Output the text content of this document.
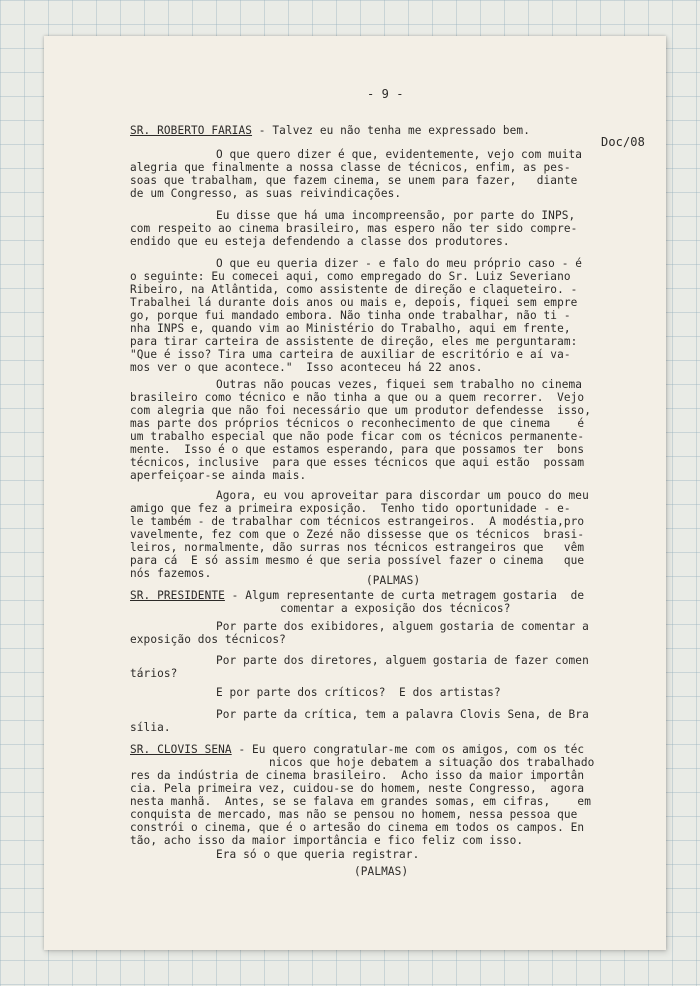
- 9 -
Doc/08
SR. ROBERTO FARIAS - Talvez eu não tenha me expressado bem.
O que quero dizer é que, evidentemente, vejo com muita
alegria que finalmente a nossa classe de técnicos, enfim, as pes-
soas que trabalham, que fazem cinema, se unem para fazer,   diante
de um Congresso, as suas reivindicações.
Eu disse que há uma incompreensão, por parte do INPS,
com respeito ao cinema brasileiro, mas espero não ter sido compre-
endido que eu esteja defendendo a classe dos produtores.
O que eu queria dizer - e falo do meu próprio caso - é
o seguinte: Eu comecei aqui, como empregado do Sr. Luiz Severiano
Ribeiro, na Atlântida, como assistente de direção e claqueteiro. -
Trabalhei lá durante dois anos ou mais e, depois, fiquei sem empre
go, porque fui mandado embora. Não tinha onde trabalhar, não ti -
nha INPS e, quando vim ao Ministério do Trabalho, aqui em frente,
para tirar carteira de assistente de direção, eles me perguntaram:
"Que é isso? Tira uma carteira de auxiliar de escritório e aí va-
mos ver o que acontece."  Isso aconteceu há 22 anos.
Outras não poucas vezes, fiquei sem trabalho no cinema
brasileiro como técnico e não tinha a que ou a quem recorrer.  Vejo
com alegria que não foi necessário que um produtor defendesse  isso,
mas parte dos próprios técnicos o reconhecimento de que cinema    é
um trabalho especial que não pode ficar com os técnicos permanente-
mente.  Isso é o que estamos esperando, para que possamos ter  bons
técnicos, inclusive  para que esses técnicos que aqui estão  possam
aperfeiçoar-se ainda mais.
Agora, eu vou aproveitar para discordar um pouco do meu
amigo que fez a primeira exposição.  Tenho tido oportunidade - e-
le também - de trabalhar com técnicos estrangeiros.  A modéstia,pro
vavelmente, fez com que o Zezé não dissesse que os técnicos  brasi-
leiros, normalmente, dão surras nos técnicos estrangeiros que   vêm
para cá  E só assim mesmo é que seria possível fazer o cinema   que
nós fazemos.
(PALMAS)
SR. PRESIDENTE - Algum representante de curta metragem gostaria  de
comentar a exposição dos técnicos?
Por parte dos exibidores, alguem gostaria de comentar a
exposição dos técnicos?
Por parte dos diretores, alguem gostaria de fazer comen
tários?
E por parte dos críticos?  E dos artistas?
Por parte da crítica, tem a palavra Clovis Sena, de Bra
sília.
SR. CLOVIS SENA - Eu quero congratular-me com os amigos, com os téc
nicos que hoje debatem a situação dos trabalhado
res da indústria de cinema brasileiro.  Acho isso da maior importân
cia. Pela primeira vez, cuidou-se do homem, neste Congresso,  agora
nesta manhã.  Antes, se se falava em grandes somas, em cifras,    em
conquista de mercado, mas não se pensou no homem, nessa pessoa que
constrói o cinema, que é o artesão do cinema em todos os campos. En
tão, acho isso da maior importância e fico feliz com isso.
Era só o que queria registrar.
(PALMAS)
